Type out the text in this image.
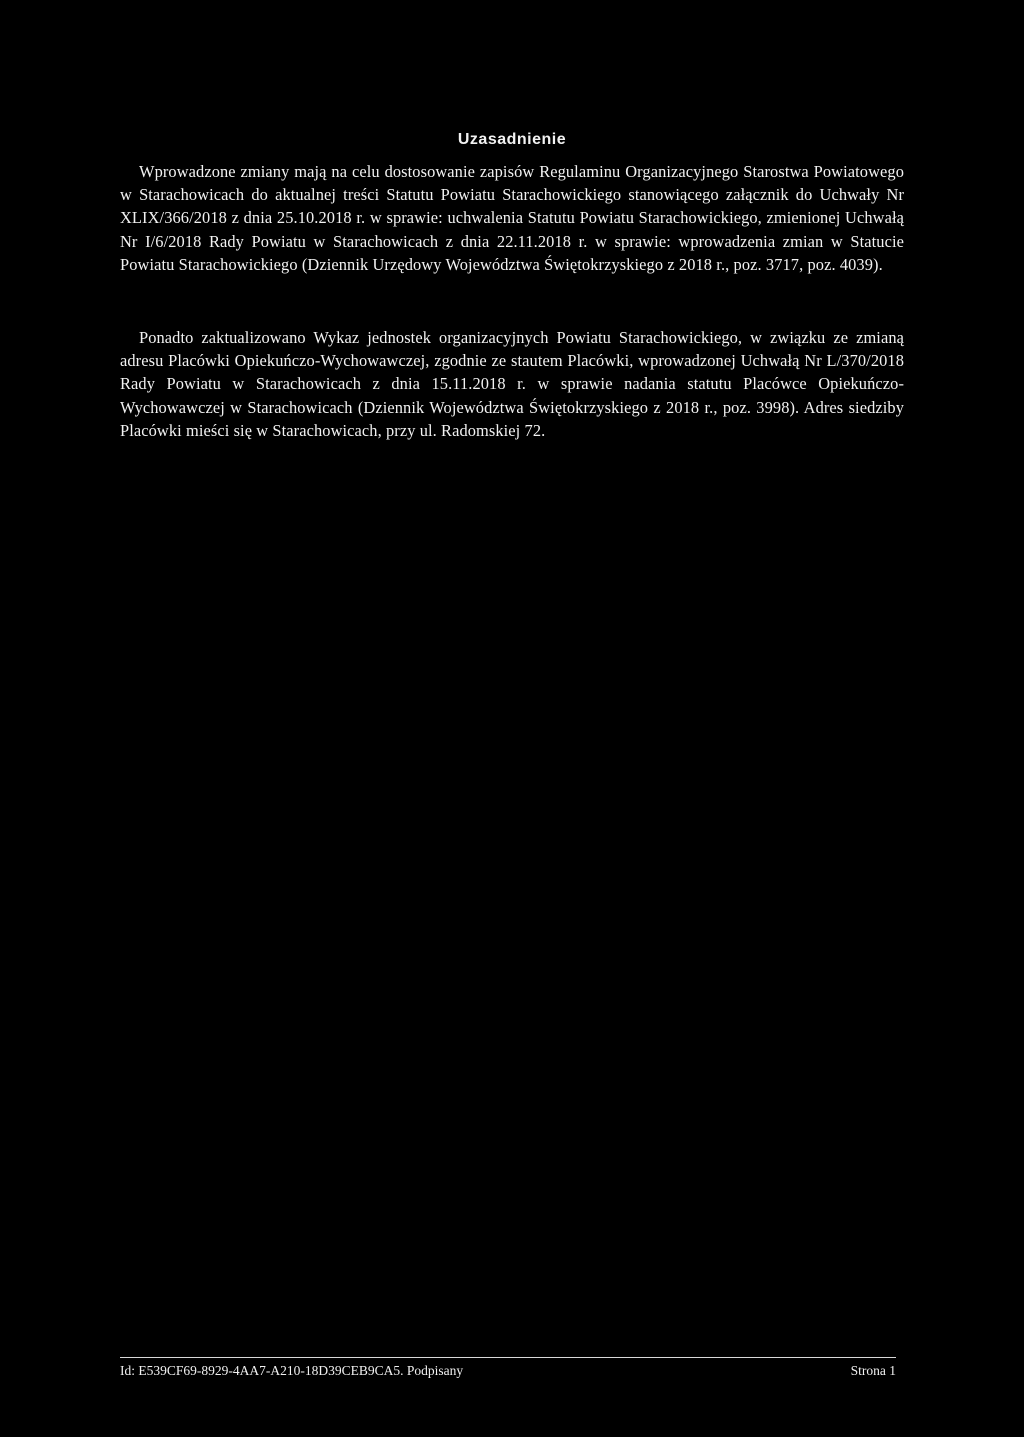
Uzasadnienie

Wprowadzone zmiany mają na celu dostosowanie zapisów Regulaminu Organizacyjnego Starostwa Powiatowego w Starachowicach do aktualnej treści Statutu Powiatu Starachowickiego stanowiącego załącznik do Uchwały Nr XLIX/366/2018 z dnia 25.10.2018 r. w sprawie: uchwalenia Statutu Powiatu Starachowickiego, zmienionej Uchwałą Nr I/6/2018 Rady Powiatu w Starachowicach z dnia 22.11.2018 r. w sprawie: wprowadzenia zmian w Statucie Powiatu Starachowickiego (Dziennik Urzędowy Województwa Świętokrzyskiego z 2018 r., poz. 3717, poz. 4039).

Ponadto zaktualizowano Wykaz jednostek organizacyjnych Powiatu Starachowickiego, w związku ze zmianą adresu Placówki Opiekuńczo-Wychowawczej, zgodnie ze stautem Placówki, wprowadzonej Uchwałą Nr L/370/2018 Rady Powiatu w Starachowicach z dnia 15.11.2018 r. w sprawie nadania statutu Placówce Opiekuńczo-Wychowawczej w Starachowicach (Dziennik Województwa Świętokrzyskiego z 2018 r., poz. 3998). Adres siedziby Placówki mieści się w Starachowicach, przy ul. Radomskiej 72.

Id: E539CF69-8929-4AA7-A210-18D39CEB9CA5. Podpisany	Strona 1
